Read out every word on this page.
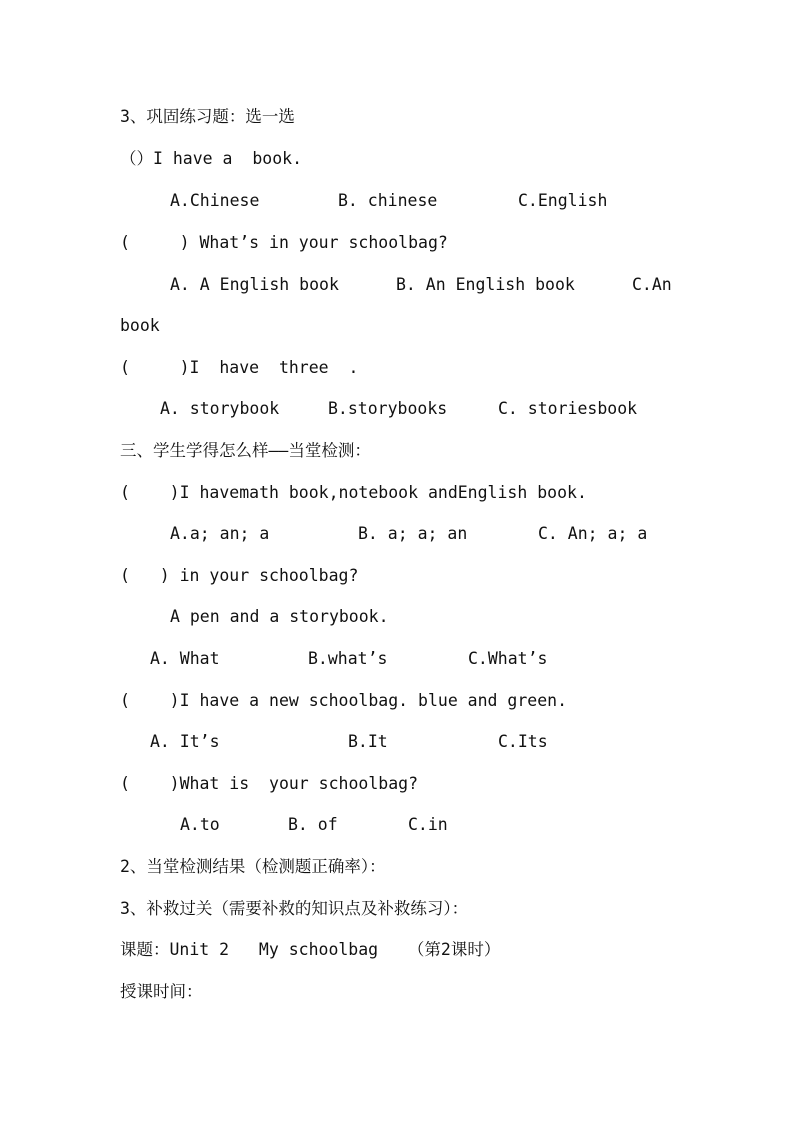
3、巩固练习题：选一选

（）I have a  book.

A.Chinese

	B. chinese

	C.English

(     ) What’s in your schoolbag?

A. A English book

	B. An English book

	C.An

book

(     )I  have  three  .

A. storybook

	B.storybooks

	C. storiesbook

三、学生学得怎么样——当堂检测：

(    )I havemath book,notebook andEnglish book.

A.a; an; a

	B. a; a; an

	C. An; a; a

(   ) in your schoolbag?

A pen and a storybook.

A. What

	B.what’s

	C.What’s

(    )I have a new schoolbag. blue and green.

A. It’s

	B.It

	C.Its

(    )What is  your schoolbag?

A.to

	B. of

	C.in

2、当堂检测结果（检测题正确率）：

3、补救过关（需要补救的知识点及补救练习）：

课题：Unit 2   My schoolbag   （第2课时）

授课时间：
